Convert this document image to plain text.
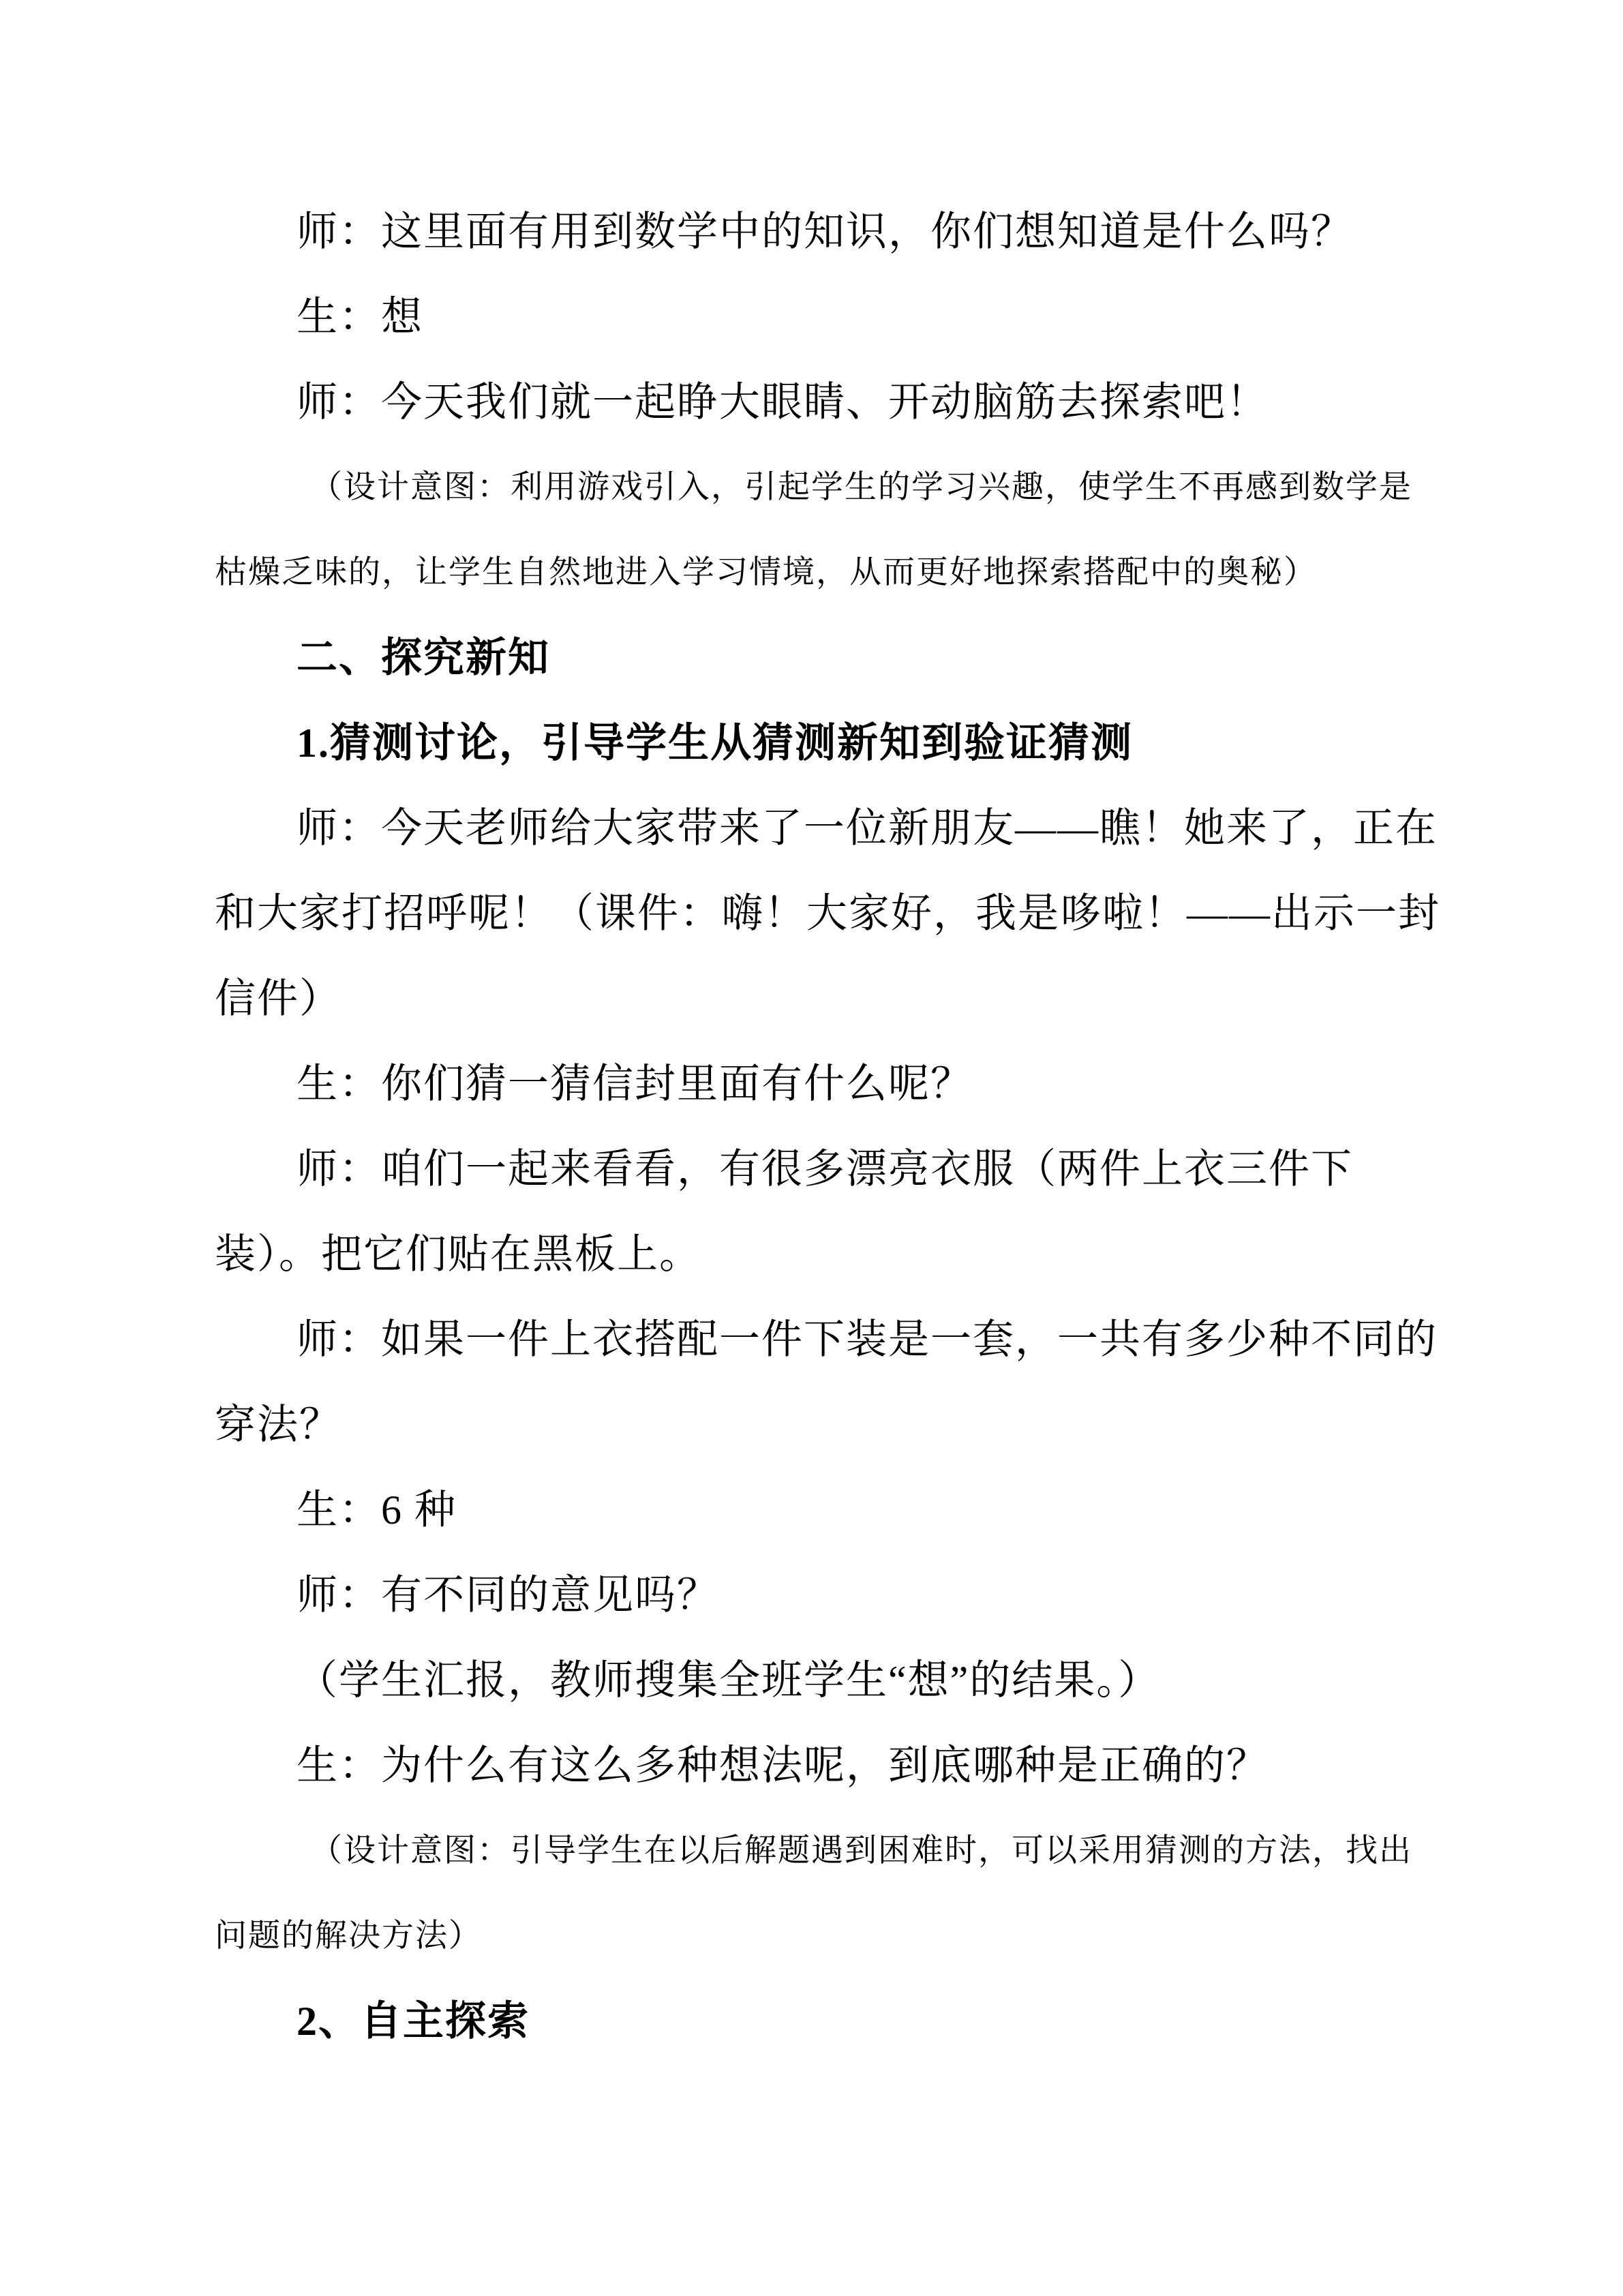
师：这里面有用到数学中的知识，你们想知道是什么吗？
生：想
师：今天我们就一起睁大眼睛、开动脑筋去探索吧！
（设计意图：利用游戏引入，引起学生的学习兴趣，使学生不再感到数学是
枯燥乏味的，让学生自然地进入学习情境，从而更好地探索搭配中的奥秘）
二、探究新知
1.猜测讨论，引导学生从猜测新知到验证猜测
师：今天老师给大家带来了一位新朋友——瞧！她来了，正在
和大家打招呼呢！（课件：嗨！大家好，我是哆啦！——出示一封
信件）
生：你们猜一猜信封里面有什么呢？
师：咱们一起来看看，有很多漂亮衣服（两件上衣三件下
装）。把它们贴在黑板上。
师：如果一件上衣搭配一件下装是一套，一共有多少种不同的
穿法？
生：6 种
师：有不同的意见吗？
（学生汇报，教师搜集全班学生“想”的结果。）
生：为什么有这么多种想法呢，到底哪种是正确的？
（设计意图：引导学生在以后解题遇到困难时，可以采用猜测的方法，找出
问题的解决方法）
2、自主探索
